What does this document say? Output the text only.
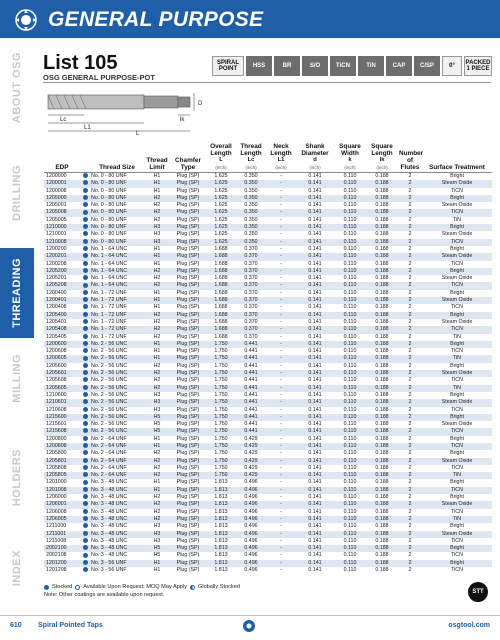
GENERAL PURPOSE
ABOUT OSG
DRILLING
THREADING
MILLING
HOLDERS
INDEX
List 105
OSG GENERAL PURPOSE-POT
SPIRAL POINT	HSS	BR	S/O	TiCN	TiN	CAP	C/SP	0°	PACKED
1 PIECE
D
Lc
L1
L
lk
EDP		Thread Size	Thread Limit	Chamfer Type	Overall Length
L
(inch)	Thread Length
Lc
(inch)	Neck Length
L1
(inch)	Shank Diameter
d
(inch)	Square Width
k
(inch)	Square Length
lk
(inch)	Number of Flutes	Surface Treatment
1200000		No. 0 - 80 UNF	H1	Plug (SP)	1.625	0.350	-	0.141	0.110	0.188	2	Bright
1200001		No. 0 - 80 UNF	H1	Plug (SP)	1.625	0.350	-	0.141	0.110	0.188	2	Steam Oxide
1200008		No. 0 - 80 UNF	H1	Plug (SP)	1.625	0.350	-	0.141	0.110	0.188	2	TiCN
1205000		No. 0 - 80 UNF	H2	Plug (SP)	1.625	0.350	-	0.141	0.110	0.188	2	Bright
1205001		No. 0 - 80 UNF	H2	Plug (SP)	1.625	0.350	-	0.141	0.110	0.188	2	Steam Oxide
1205008		No. 0 - 80 UNF	H2	Plug (SP)	1.625	0.350	-	0.141	0.110	0.188	2	TiCN
1205005		No. 0 - 80 UNF	H2	Plug (SP)	1.625	0.350	-	0.141	0.110	0.188	2	TiN
1210000		No. 0 - 80 UNF	H3	Plug (SP)	1.625	0.350	-	0.141	0.110	0.188	2	Bright
1210001		No. 0 - 80 UNF	H3	Plug (SP)	1.625	0.350	-	0.141	0.110	0.188	2	Steam Oxide
1210008		No. 0 - 80 UNF	H3	Plug (SP)	1.625	0.350	-	0.141	0.110	0.188	2	TiCN
1200200		No. 1 - 64 UNC	H1	Plug (SP)	1.688	0.370	-	0.141	0.110	0.188	2	Bright
1200201		No. 1 - 64 UNC	H1	Plug (SP)	1.688	0.370	-	0.141	0.110	0.188	2	Steam Oxide
1200208		No. 1 - 64 UNC	H1	Plug (SP)	1.688	0.370	-	0.141	0.110	0.188	2	TiCN
1205200		No. 1 - 64 UNC	H2	Plug (SP)	1.688	0.370	-	0.141	0.110	0.188	2	Bright
1205201		No. 1 - 64 UNC	H2	Plug (SP)	1.688	0.370	-	0.141	0.110	0.188	2	Steam Oxide
1205208		No. 1 - 64 UNC	H2	Plug (SP)	1.688	0.370	-	0.141	0.110	0.188	2	TiCN
1200400		No. 1 - 72 UNF	H1	Plug (SP)	1.688	0.370	-	0.141	0.110	0.188	2	Bright
1200401		No. 1 - 72 UNF	H1	Plug (SP)	1.688	0.370	-	0.141	0.110	0.188	2	Steam Oxide
1200408		No. 1 - 72 UNF	H1	Plug (SP)	1.688	0.370	-	0.141	0.110	0.188	2	TiCN
1205400		No. 1 - 72 UNF	H2	Plug (SP)	1.688	0.370	-	0.141	0.110	0.188	2	Bright
1205401		No. 1 - 72 UNF	H2	Plug (SP)	1.688	0.370	-	0.141	0.110	0.188	2	Steam Oxide
1205408		No. 1 - 72 UNF	H2	Plug (SP)	1.688	0.370	-	0.141	0.110	0.188	2	TiCN
1205405		No. 1 - 72 UNF	H2	Plug (SP)	1.688	0.370	-	0.141	0.110	0.188	2	TiN
1200600		No. 2 - 56 UNC	H1	Plug (SP)	1.750	0.441	-	0.141	0.110	0.188	2	Bright
1200608		No. 2 - 56 UNC	H1	Plug (SP)	1.750	0.441	-	0.141	0.110	0.188	2	TiCN
1200605		No. 2 - 56 UNC	H1	Plug (SP)	1.750	0.441	-	0.141	0.110	0.188	2	TiN
1205600		No. 2 - 56 UNC	H2	Plug (SP)	1.750	0.441	-	0.141	0.110	0.188	2	Bright
1205601		No. 2 - 56 UNC	H2	Plug (SP)	1.750	0.441	-	0.141	0.110	0.188	2	Steam Oxide
1205608		No. 2 - 56 UNC	H2	Plug (SP)	1.750	0.441	-	0.141	0.110	0.188	2	TiCN
1205605		No. 2 - 56 UNC	H2	Plug (SP)	1.750	0.441	-	0.141	0.110	0.188	2	TiN
1210600		No. 2 - 56 UNC	H3	Plug (SP)	1.750	0.441	-	0.141	0.110	0.188	2	Bright
1210601		No. 2 - 56 UNC	H3	Plug (SP)	1.750	0.441	-	0.141	0.110	0.188	2	Steam Oxide
1210608		No. 2 - 56 UNC	H3	Plug (SP)	1.750	0.441	-	0.141	0.110	0.188	2	TiCN
1215600		No. 2 - 56 UNC	H5	Plug (SP)	1.750	0.441	-	0.141	0.110	0.188	2	Bright
1215601		No. 2 - 56 UNC	H5	Plug (SP)	1.750	0.441	-	0.141	0.110	0.188	2	Steam Oxide
1215608		No. 2 - 56 UNC	H5	Plug (SP)	1.750	0.441	-	0.141	0.110	0.188	2	TiCN
1200800		No. 2 - 64 UNF	H1	Plug (SP)	1.750	0.429	-	0.141	0.110	0.188	2	Bright
1200808		No. 2 - 64 UNF	H1	Plug (SP)	1.750	0.429	-	0.141	0.110	0.188	2	TiCN
1205800		No. 2 - 64 UNF	H2	Plug (SP)	1.750	0.429	-	0.141	0.110	0.188	2	Bright
1205801		No. 2 - 64 UNF	H2	Plug (SP)	1.750	0.429	-	0.141	0.110	0.188	2	Steam Oxide
1205808		No. 2 - 64 UNF	H2	Plug (SP)	1.750	0.429	-	0.141	0.110	0.188	2	TiCN
1205805		No. 2 - 64 UNF	H2	Plug (SP)	1.750	0.429	-	0.141	0.110	0.188	2	TiN
1201000		No. 3 - 48 UNC	H1	Plug (SP)	1.813	0.496	-	0.141	0.110	0.188	2	Bright
1201008		No. 3 - 48 UNC	H1	Plug (SP)	1.813	0.496	-	0.141	0.110	0.188	2	TiCN
1206000		No. 3 - 48 UNC	H2	Plug (SP)	1.813	0.496	-	0.141	0.110	0.188	2	Bright
1206001		No. 3 - 48 UNC	H2	Plug (SP)	1.813	0.496	-	0.141	0.110	0.188	2	Steam Oxide
1206008		No. 3 - 48 UNC	H2	Plug (SP)	1.813	0.496	-	0.141	0.110	0.188	2	TiCN
1206005		No. 3 - 48 UNC	H2	Plug (SP)	1.813	0.496	-	0.141	0.110	0.188	2	TiN
1211000		No. 3 - 48 UNC	H3	Plug (SP)	1.813	0.496	-	0.141	0.110	0.188	2	Bright
1211001		No. 3 - 48 UNC	H3	Plug (SP)	1.813	0.496	-	0.141	0.110	0.188	2	Steam Oxide
1211008		No. 3 - 48 UNC	H3	Plug (SP)	1.813	0.496	-	0.141	0.110	0.188	2	TiCN
2002100		No. 3 - 48 UNC	H5	Plug (SP)	1.813	0.496	-	0.141	0.110	0.188	2	Bright
2002108		No. 3 - 48 UNC	H5	Plug (SP)	1.813	0.496	-	0.141	0.110	0.188	2	TiCN
1201200		No. 3 - 56 UNF	H1	Plug (SP)	1.813	0.496	-	0.141	0.110	0.188	2	Bright
1201208		No. 3 - 56 UNF	H1	Plug (SP)	1.813	0.496	-	0.141	0.110	0.188	2	TiCN
Stocked Available Upon Request; MOQ May Apply Globally Stocked
Note: Other coatings are available upon request.	STT
610 Spiral Pointed Taps	osgtool.com
